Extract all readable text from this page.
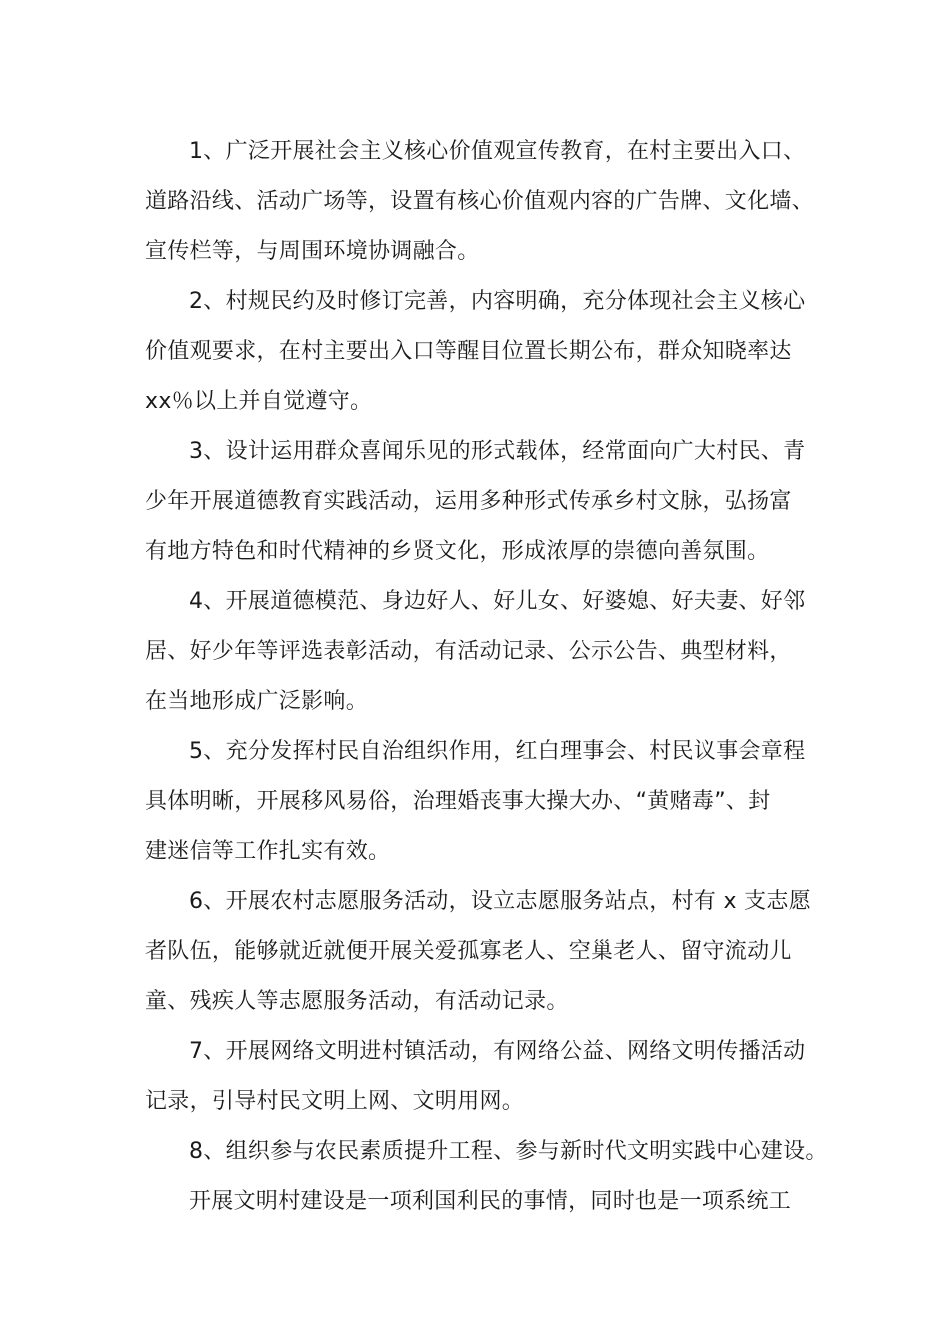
1、广泛开展社会主义核心价值观宣传教育，在村主要出入口、
道路沿线、活动广场等，设置有核心价值观内容的广告牌、文化墙、
宣传栏等，与周围环境协调融合。

2、村规民约及时修订完善，内容明确，充分体现社会主义核心
价值观要求，在村主要出入口等醒目位置长期公布，群众知晓率达
xx％以上并自觉遵守。

3、设计运用群众喜闻乐见的形式载体，经常面向广大村民、青
少年开展道德教育实践活动，运用多种形式传承乡村文脉，弘扬富
有地方特色和时代精神的乡贤文化，形成浓厚的崇德向善氛围。

4、开展道德模范、身边好人、好儿女、好婆媳、好夫妻、好邻
居、好少年等评选表彰活动，有活动记录、公示公告、典型材料，
在当地形成广泛影响。

5、充分发挥村民自治组织作用，红白理事会、村民议事会章程
具体明晰，开展移风易俗，治理婚丧事大操大办、“黄赌毒”、封
建迷信等工作扎实有效。

6、开展农村志愿服务活动，设立志愿服务站点，村有 x 支志愿
者队伍，能够就近就便开展关爱孤寡老人、空巢老人、留守流动儿
童、残疾人等志愿服务活动，有活动记录。

7、开展网络文明进村镇活动，有网络公益、网络文明传播活动
记录，引导村民文明上网、文明用网。

8、组织参与农民素质提升工程、参与新时代文明实践中心建设。

开展文明村建设是一项利国利民的事情，同时也是一项系统工
